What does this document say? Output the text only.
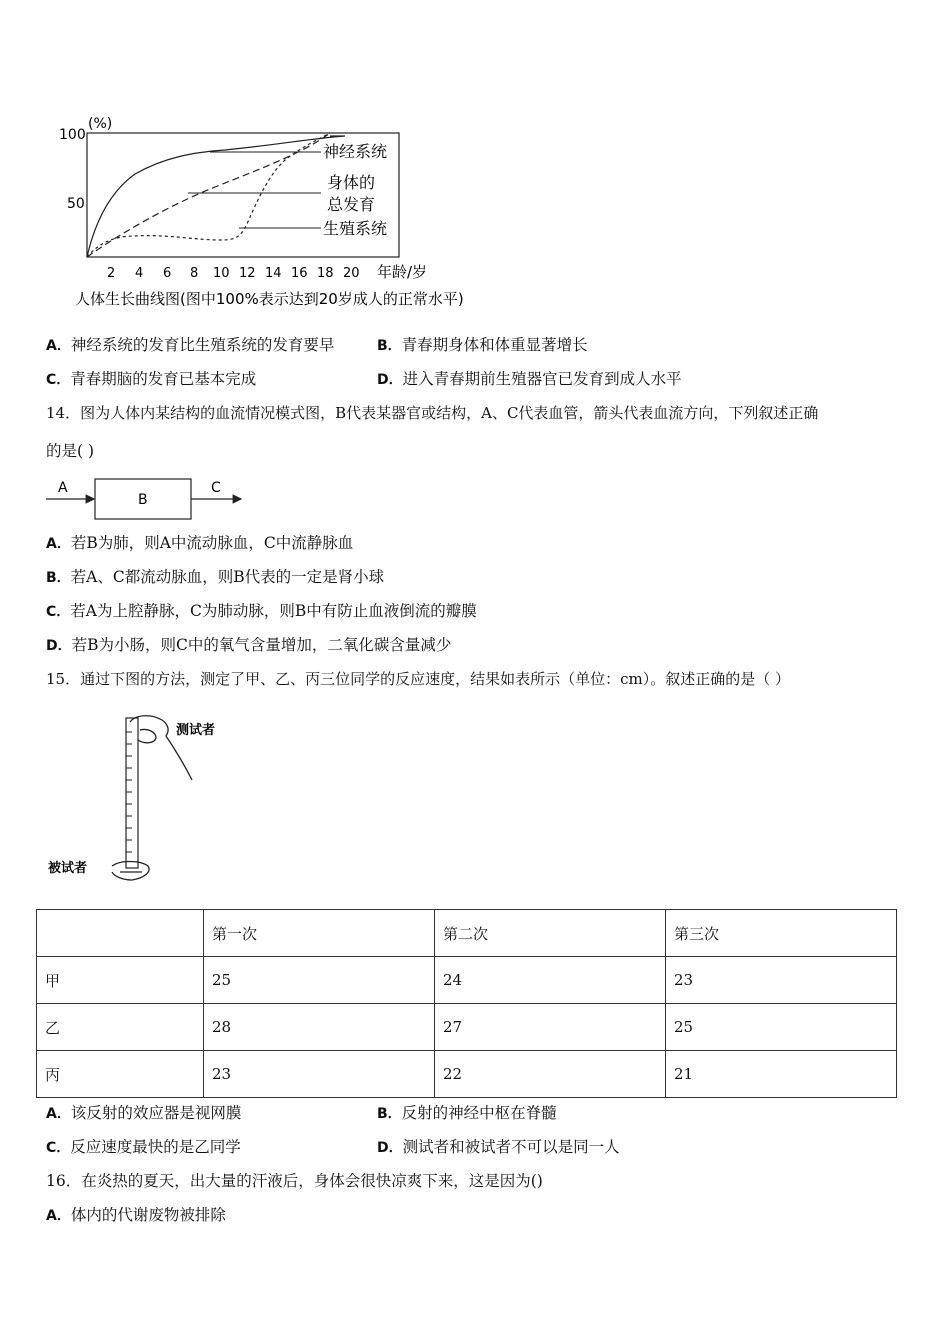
(%)
100
50
神经系统
身体的
总发育
生殖系统
2 4 6 8 10 12 14 16 18 20 年龄/岁
人体生长曲线图(图中100%表示达到20岁成人的正常水平)
A．神经系统的发育比生殖系统的发育要早	B．青春期身体和体重显著增长
C．青春期脑的发育已基本完成	D．进入青春期前生殖器官已发育到成人水平
14．图为人体内某结构的血流情况模式图，B代表某器官或结构，A、C代表血管，箭头代表血流方向，下列叙述正确
的是( )
A
B
C
A．若B为肺，则A中流动脉血，C中流静脉血
B．若A、C都流动脉血，则B代表的一定是肾小球
C．若A为上腔静脉，C为肺动脉，则B中有防止血液倒流的瓣膜
D．若B为小肠，则C中的氧气含量增加，二氧化碳含量减少
15．通过下图的方法，测定了甲、乙、丙三位同学的反应速度，结果如表所示（单位：cm）。叙述正确的是（ ）
测试者
被试者
	第一次	第二次	第三次
甲	25	24	23
乙	28	27	25
丙	23	22	21
A．该反射的效应器是视网膜	B．反射的神经中枢在脊髓
C．反应速度最快的是乙同学	D．测试者和被试者不可以是同一人
16．在炎热的夏天，出大量的汗液后，身体会很快凉爽下来，这是因为()
A．体内的代谢废物被排除
